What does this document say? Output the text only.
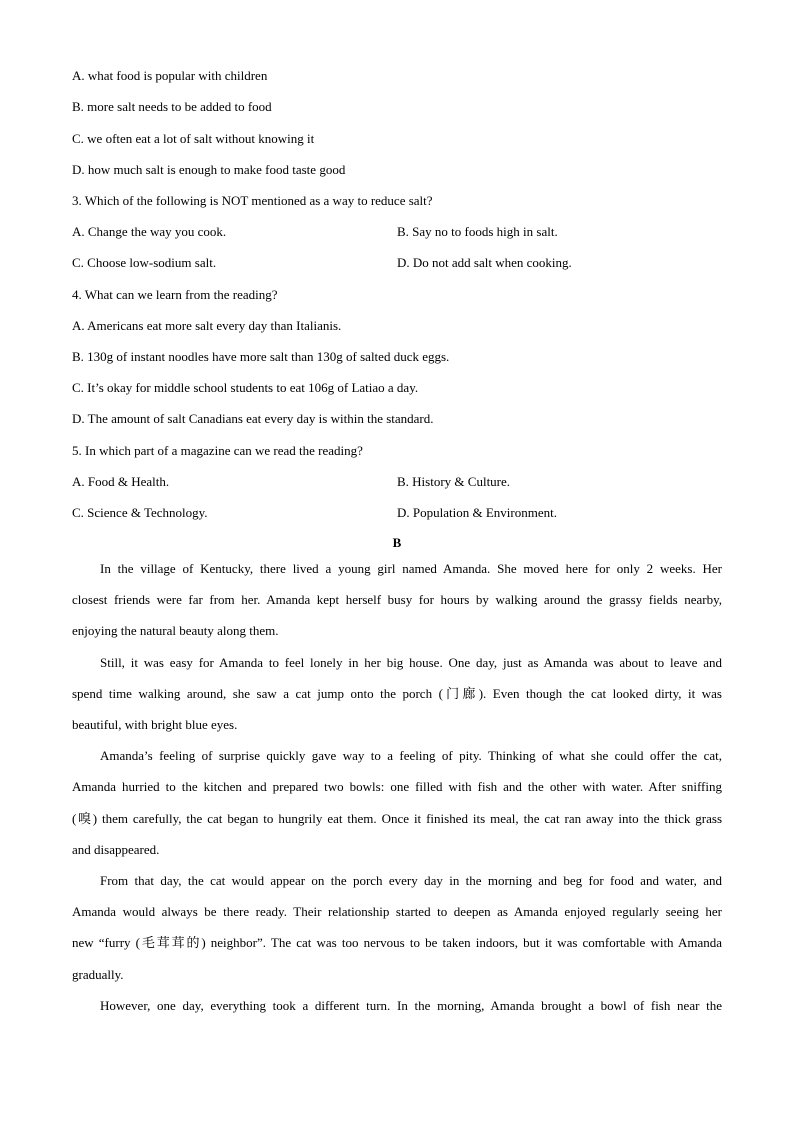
A. what food is popular with children
B. more salt needs to be added to food
C. we often eat a lot of salt without knowing it
D. how much salt is enough to make food taste good
3. Which of the following is NOT mentioned as a way to reduce salt?
A. Change the way you cook.	B. Say no to foods high in salt.
C. Choose low-sodium salt.	D. Do not add salt when cooking.
4. What can we learn from the reading?
A. Americans eat more salt every day than Italianis.
B. 130g of instant noodles have more salt than 130g of salted duck eggs.
C. It’s okay for middle school students to eat 106g of Latiao a day.
D. The amount of salt Canadians eat every day is within the standard.
5. In which part of a magazine can we read the reading?
A. Food & Health.	B. History & Culture.
C. Science & Technology.	D. Population & Environment.
B
In the village of Kentucky, there lived a young girl named Amanda. She moved here for only 2 weeks. Her
closest friends were far from her. Amanda kept herself busy for hours by walking around the grassy fields nearby,
enjoying the natural beauty along them.
Still, it was easy for Amanda to feel lonely in her big house. One day, just as Amanda was about to leave and
spend time walking around, she saw a cat jump onto the porch (门廊). Even though the cat looked dirty, it was
beautiful, with bright blue eyes.
Amanda’s feeling of surprise quickly gave way to a feeling of pity. Thinking of what she could offer the cat,
Amanda hurried to the kitchen and prepared two bowls: one filled with fish and the other with water. After sniffing
(嗅) them carefully, the cat began to hungrily eat them. Once it finished its meal, the cat ran away into the thick grass
and disappeared.
From that day, the cat would appear on the porch every day in the morning and beg for food and water, and
Amanda would always be there ready. Their relationship started to deepen as Amanda enjoyed regularly seeing her
new “furry (毛茸茸的) neighbor”. The cat was too nervous to be taken indoors, but it was comfortable with Amanda
gradually.
However, one day, everything took a different turn. In the morning, Amanda brought a bowl of fish near the
